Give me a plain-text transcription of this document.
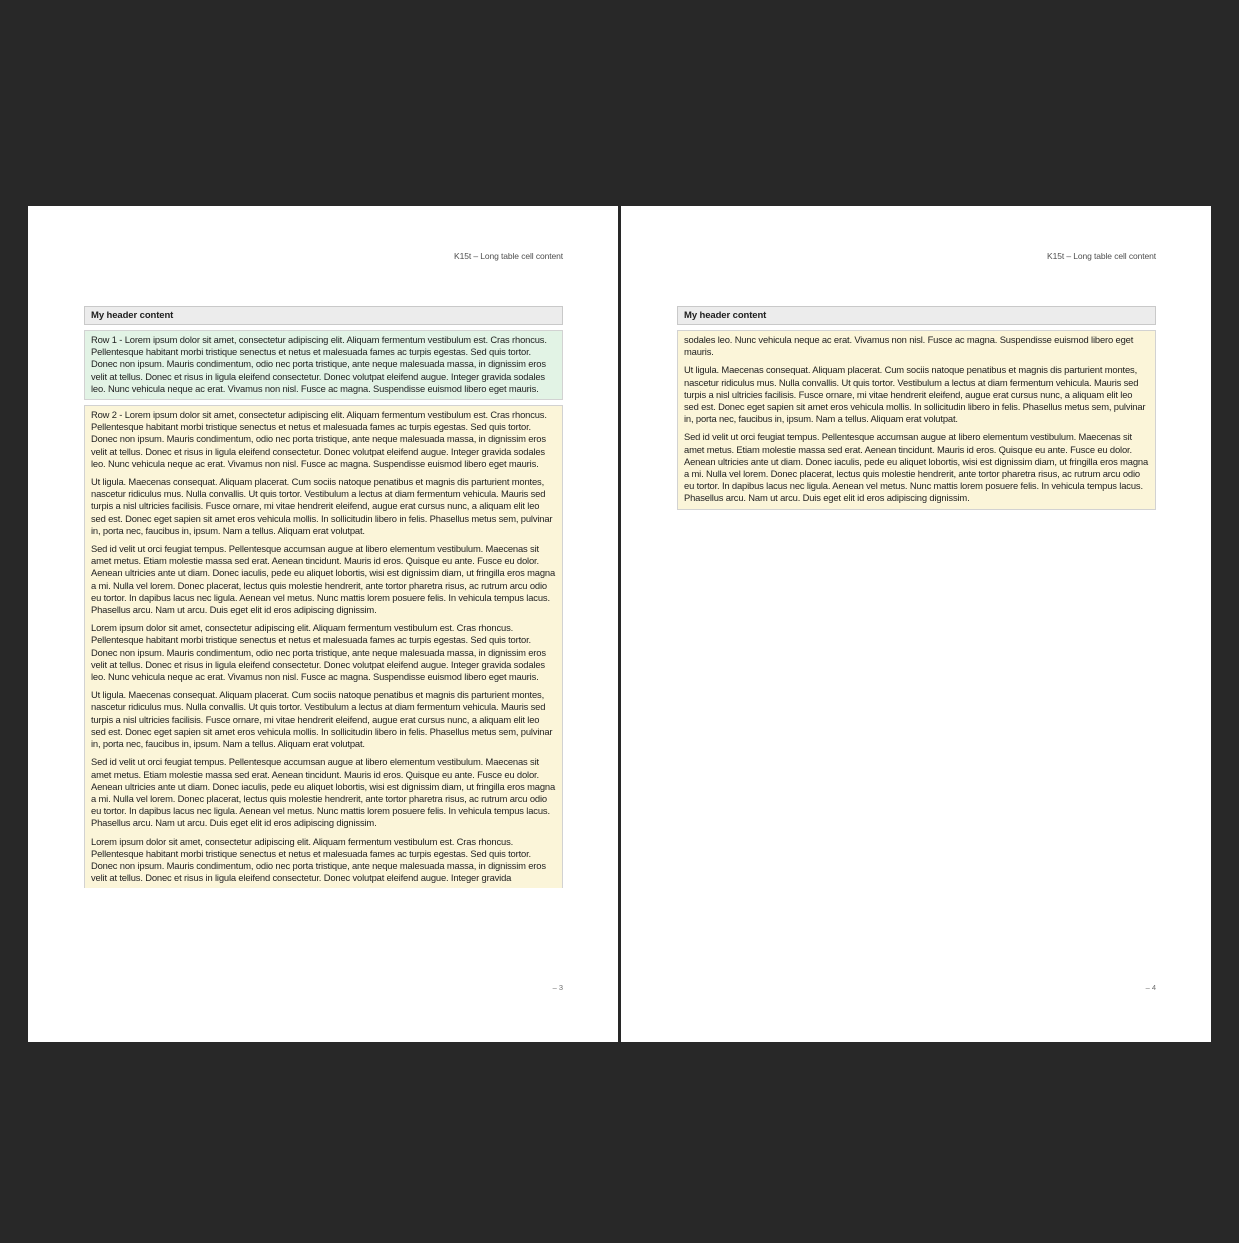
K15t – Long table cell content
My header content

Row 1 - Lorem ipsum dolor sit amet, consectetur adipiscing elit. Aliquam fermentum vestibulum est. Cras rhoncus. Pellentesque habitant morbi tristique senectus et netus et malesuada fames ac turpis egestas. Sed quis tortor. Donec non ipsum. Mauris condimentum, odio nec porta tristique, ante neque malesuada massa, in dignissim eros velit at tellus. Donec et risus in ligula eleifend consectetur. Donec volutpat eleifend augue. Integer gravida sodales leo. Nunc vehicula neque ac erat. Vivamus non nisl. Fusce ac magna. Suspendisse euismod libero eget mauris.

Row 2 - Lorem ipsum dolor sit amet, consectetur adipiscing elit. Aliquam fermentum vestibulum est. Cras rhoncus. Pellentesque habitant morbi tristique senectus et netus et malesuada fames ac turpis egestas. Sed quis tortor. Donec non ipsum. Mauris condimentum, odio nec porta tristique, ante neque malesuada massa, in dignissim eros velit at tellus. Donec et risus in ligula eleifend consectetur. Donec volutpat eleifend augue. Integer gravida sodales leo. Nunc vehicula neque ac erat. Vivamus non nisl. Fusce ac magna. Suspendisse euismod libero eget mauris.

Ut ligula. Maecenas consequat. Aliquam placerat. Cum sociis natoque penatibus et magnis dis parturient montes, nascetur ridiculus mus. Nulla convallis. Ut quis tortor. Vestibulum a lectus at diam fermentum vehicula. Mauris sed turpis a nisl ultricies facilisis. Fusce ornare, mi vitae hendrerit eleifend, augue erat cursus nunc, a aliquam elit leo sed est. Donec eget sapien sit amet eros vehicula mollis. In sollicitudin libero in felis. Phasellus metus sem, pulvinar in, porta nec, faucibus in, ipsum. Nam a tellus. Aliquam erat volutpat.

Sed id velit ut orci feugiat tempus. Pellentesque accumsan augue at libero elementum vestibulum. Maecenas sit amet metus. Etiam molestie massa sed erat. Aenean tincidunt. Mauris id eros. Quisque eu ante. Fusce eu dolor. Aenean ultricies ante ut diam. Donec iaculis, pede eu aliquet lobortis, wisi est dignissim diam, ut fringilla eros magna a mi. Nulla vel lorem. Donec placerat, lectus quis molestie hendrerit, ante tortor pharetra risus, ac rutrum arcu odio eu tortor. In dapibus lacus nec ligula. Aenean vel metus. Nunc mattis lorem posuere felis. In vehicula tempus lacus. Phasellus arcu. Nam ut arcu. Duis eget elit id eros adipiscing dignissim.

Lorem ipsum dolor sit amet, consectetur adipiscing elit. Aliquam fermentum vestibulum est. Cras rhoncus. Pellentesque habitant morbi tristique senectus et netus et malesuada fames ac turpis egestas. Sed quis tortor. Donec non ipsum. Mauris condimentum, odio nec porta tristique, ante neque malesuada massa, in dignissim eros velit at tellus. Donec et risus in ligula eleifend consectetur. Donec volutpat eleifend augue. Integer gravida sodales leo. Nunc vehicula neque ac erat. Vivamus non nisl. Fusce ac magna. Suspendisse euismod libero eget mauris.

Ut ligula. Maecenas consequat. Aliquam placerat. Cum sociis natoque penatibus et magnis dis parturient montes, nascetur ridiculus mus. Nulla convallis. Ut quis tortor. Vestibulum a lectus at diam fermentum vehicula. Mauris sed turpis a nisl ultricies facilisis. Fusce ornare, mi vitae hendrerit eleifend, augue erat cursus nunc, a aliquam elit leo sed est. Donec eget sapien sit amet eros vehicula mollis. In sollicitudin libero in felis. Phasellus metus sem, pulvinar in, porta nec, faucibus in, ipsum. Nam a tellus. Aliquam erat volutpat.

Sed id velit ut orci feugiat tempus. Pellentesque accumsan augue at libero elementum vestibulum. Maecenas sit amet metus. Etiam molestie massa sed erat. Aenean tincidunt. Mauris id eros. Quisque eu ante. Fusce eu dolor. Aenean ultricies ante ut diam. Donec iaculis, pede eu aliquet lobortis, wisi est dignissim diam, ut fringilla eros magna a mi. Nulla vel lorem. Donec placerat, lectus quis molestie hendrerit, ante tortor pharetra risus, ac rutrum arcu odio eu tortor. In dapibus lacus nec ligula. Aenean vel metus. Nunc mattis lorem posuere felis. In vehicula tempus lacus. Phasellus arcu. Nam ut arcu. Duis eget elit id eros adipiscing dignissim.

Lorem ipsum dolor sit amet, consectetur adipiscing elit. Aliquam fermentum vestibulum est. Cras rhoncus. Pellentesque habitant morbi tristique senectus et netus et malesuada fames ac turpis egestas. Sed quis tortor. Donec non ipsum. Mauris condimentum, odio nec porta tristique, ante neque malesuada massa, in dignissim eros velit at tellus. Donec et risus in ligula eleifend consectetur. Donec volutpat eleifend augue. Integer gravida

– 3
K15t – Long table cell content
My header content

sodales leo. Nunc vehicula neque ac erat. Vivamus non nisl. Fusce ac magna. Suspendisse euismod libero eget mauris.

Ut ligula. Maecenas consequat. Aliquam placerat. Cum sociis natoque penatibus et magnis dis parturient montes, nascetur ridiculus mus. Nulla convallis. Ut quis tortor. Vestibulum a lectus at diam fermentum vehicula. Mauris sed turpis a nisl ultricies facilisis. Fusce ornare, mi vitae hendrerit eleifend, augue erat cursus nunc, a aliquam elit leo sed est. Donec eget sapien sit amet eros vehicula mollis. In sollicitudin libero in felis. Phasellus metus sem, pulvinar in, porta nec, faucibus in, ipsum. Nam a tellus. Aliquam erat volutpat.

Sed id velit ut orci feugiat tempus. Pellentesque accumsan augue at libero elementum vestibulum. Maecenas sit amet metus. Etiam molestie massa sed erat. Aenean tincidunt. Mauris id eros. Quisque eu ante. Fusce eu dolor. Aenean ultricies ante ut diam. Donec iaculis, pede eu aliquet lobortis, wisi est dignissim diam, ut fringilla eros magna a mi. Nulla vel lorem. Donec placerat, lectus quis molestie hendrerit, ante tortor pharetra risus, ac rutrum arcu odio eu tortor. In dapibus lacus nec ligula. Aenean vel metus. Nunc mattis lorem posuere felis. In vehicula tempus lacus. Phasellus arcu. Nam ut arcu. Duis eget elit id eros adipiscing dignissim.

– 4
